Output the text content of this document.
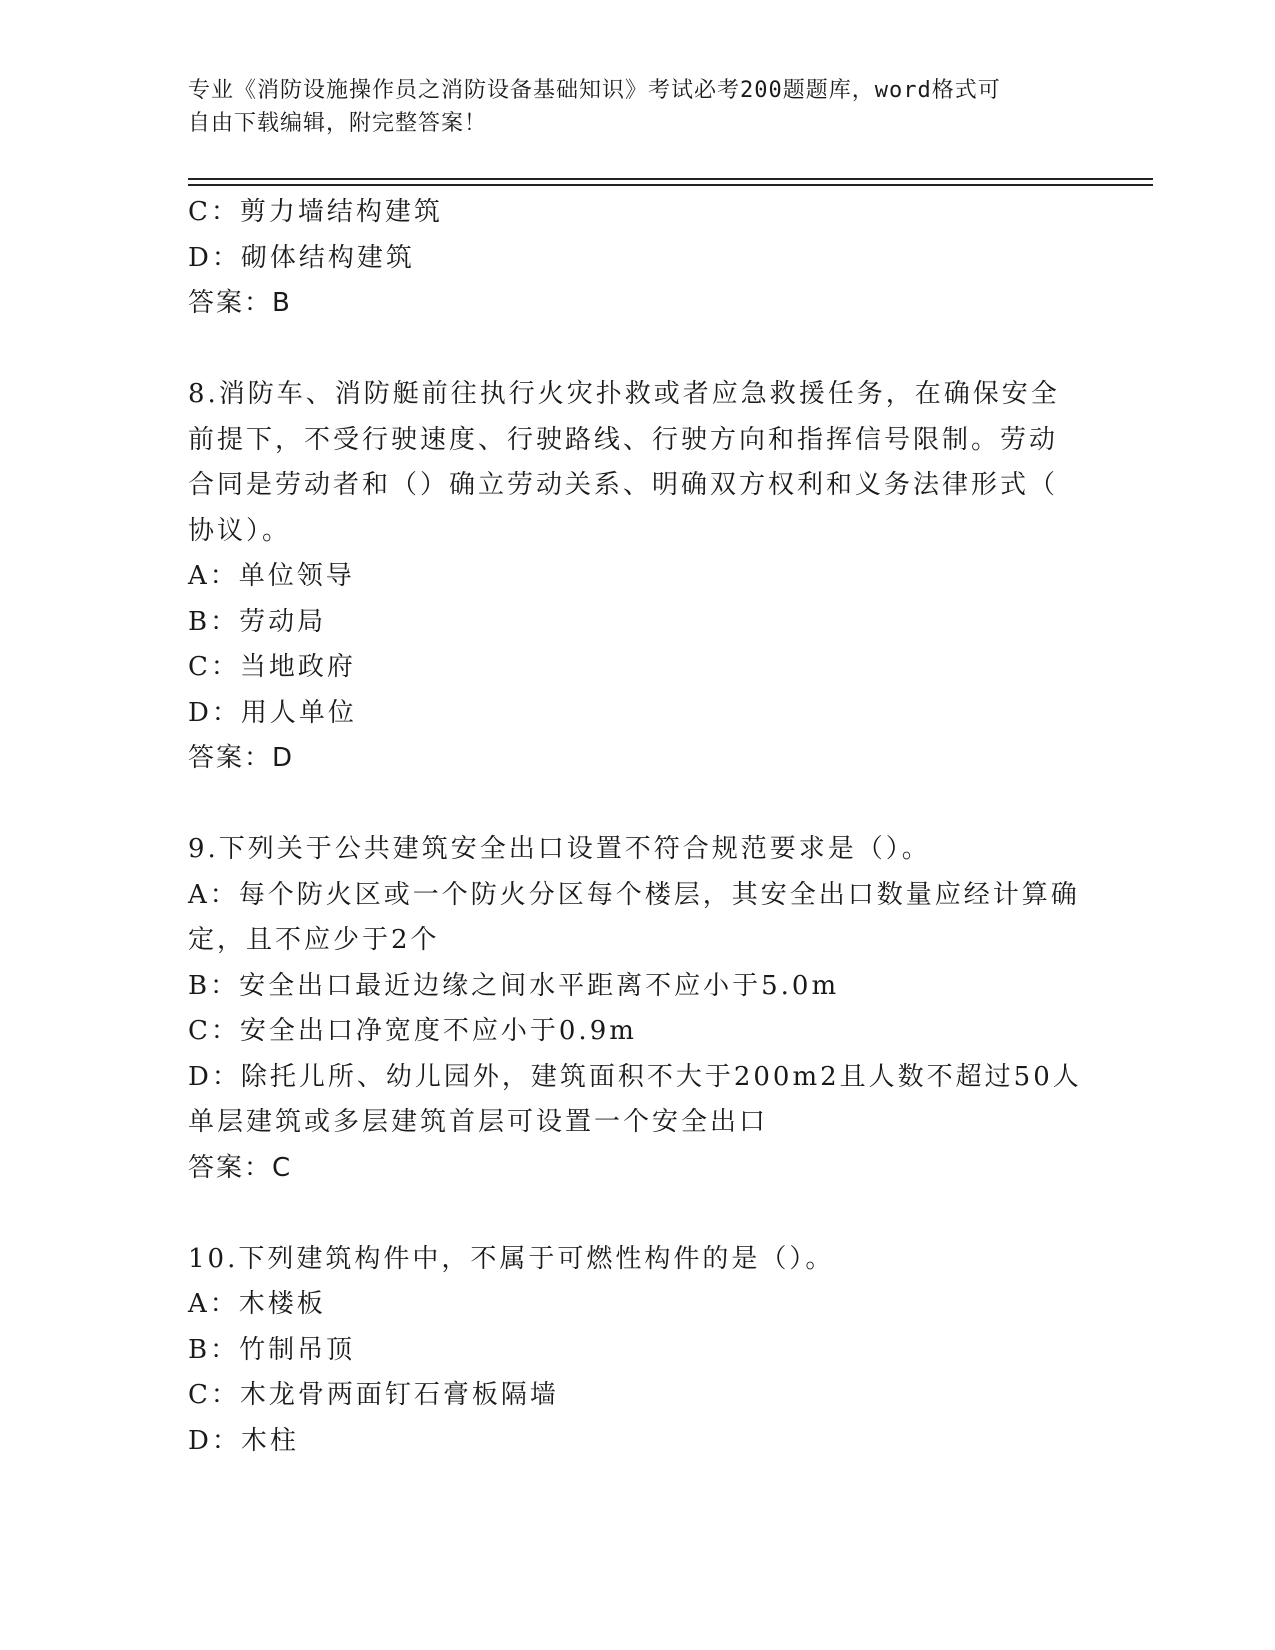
专业《消防设施操作员之消防设备基础知识》考试必考200题题库，word格式可
自由下载编辑，附完整答案！
C：剪力墙结构建筑
D：砌体结构建筑
答案：B
8.消防车、消防艇前往执行火灾扑救或者应急救援任务，在确保安全
前提下，不受行驶速度、行驶路线、行驶方向和指挥信号限制。劳动
合同是劳动者和（）确立劳动关系、明确双方权利和义务法律形式（
协议）。
A：单位领导
B：劳动局
C：当地政府
D：用人单位
答案：D
9.下列关于公共建筑安全出口设置不符合规范要求是（）。
A：每个防火区或一个防火分区每个楼层，其安全出口数量应经计算确
定，且不应少于2个
B：安全出口最近边缘之间水平距离不应小于5.0m
C：安全出口净宽度不应小于0.9m
D：除托儿所、幼儿园外，建筑面积不大于200m2且人数不超过50人
单层建筑或多层建筑首层可设置一个安全出口
答案：C
10.下列建筑构件中，不属于可燃性构件的是（）。
A：木楼板
B：竹制吊顶
C：木龙骨两面钉石膏板隔墙
D：木柱
